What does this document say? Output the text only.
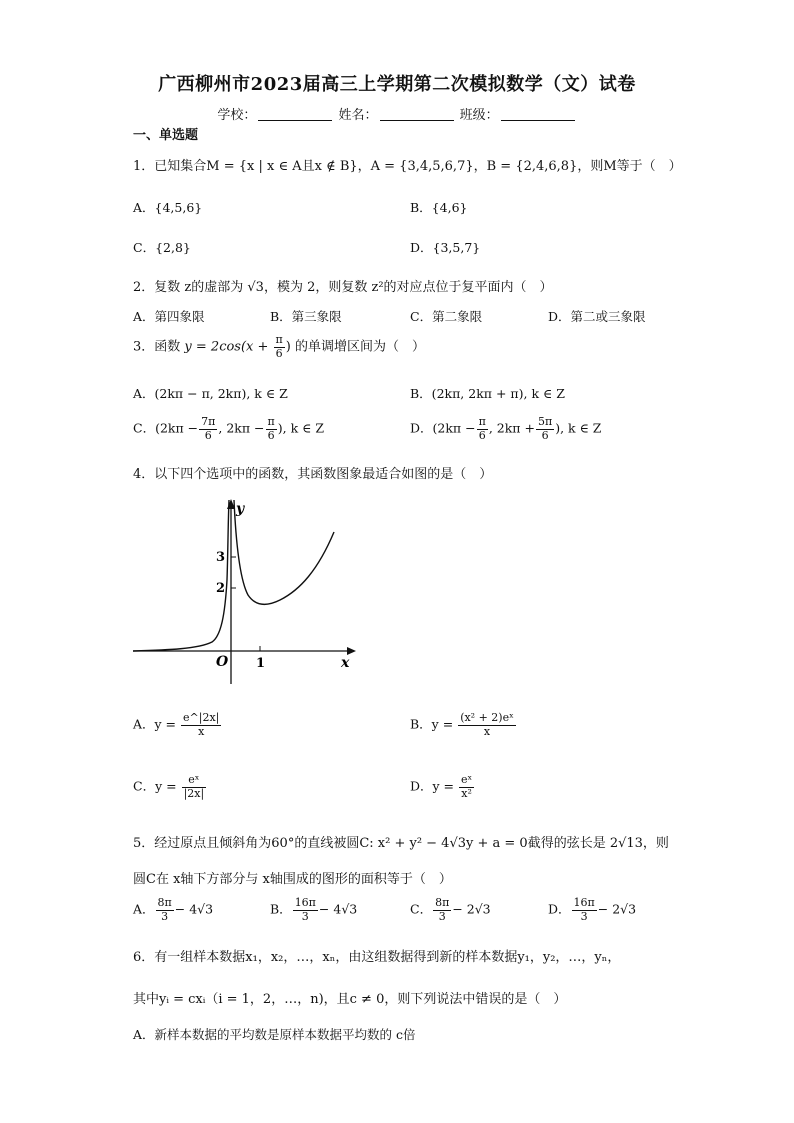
广西柳州市2023届高三上学期第二次模拟数学（文）试卷
学校：	姓名：	班级：
一、单选题
1．已知集合M = {x | x ∈ A且x ∉ B}，A = {3,4,5,6,7}，B = {2,4,6,8}，则M等于（　）
A．{4,5,6}	B．{4,6}
C．{2,8}	D．{3,5,7}
2．复数 z的虚部为 √3，模为 2，则复数 z²的对应点位于复平面内（　）
A．第四象限	B．第三象限	C．第二象限	D．第二或三象限
3．函数 $y = 2\cos(x + \frac{\pi}{6}$ ) 的单调增区间为（　）
A．(2kπ − π, 2kπ), k ∈ Z	B．(2kπ, 2kπ + π), k ∈ Z
C．($2k\pi - \frac{7\pi}{6}$ , $2k\pi - \frac{\pi}{6}$ ), k ∈ Z	D．($2k\pi - \frac{\pi}{6}$ , $2k\pi + \frac{5\pi}{6}$ ), k ∈ Z
4．以下四个选项中的函数，其函数图象最适合如图的是（　）
y
x
O
3
2
1
A．$y = \frac{e\^{}|2x|}{x}$	B．$y = \frac{\text{(x² + 2)eˣ}}{x}$
C．$y = \frac{\text{eˣ}}{|2x|}$	D．$y = \frac{\text{eˣ}}{\text{x²}}$
5．经过原点且倾斜角为60°的直线被圆C: x² + y² − 4√3y + a = 0截得的弦长是 2√13，则
圆C在 x轴下方部分与 x轴围成的图形的面积等于（　）
A． $\frac{8\pi}{3} - 4√3$	B． $\frac{16\pi}{3} - 4√3$	C． $\frac{8\pi}{3} - 2√3$	D． $\frac{16\pi}{3} - 2√3$
6．有一组样本数据x₁，x₂，…，xₙ，由这组数据得到新的样本数据y₁，y₂，…，yₙ，
其中yᵢ = cxᵢ（i = 1，2，…，n)，且c ≠ 0，则下列说法中错误的是（　）
A．新样本数据的平均数是原样本数据平均数的 c倍
